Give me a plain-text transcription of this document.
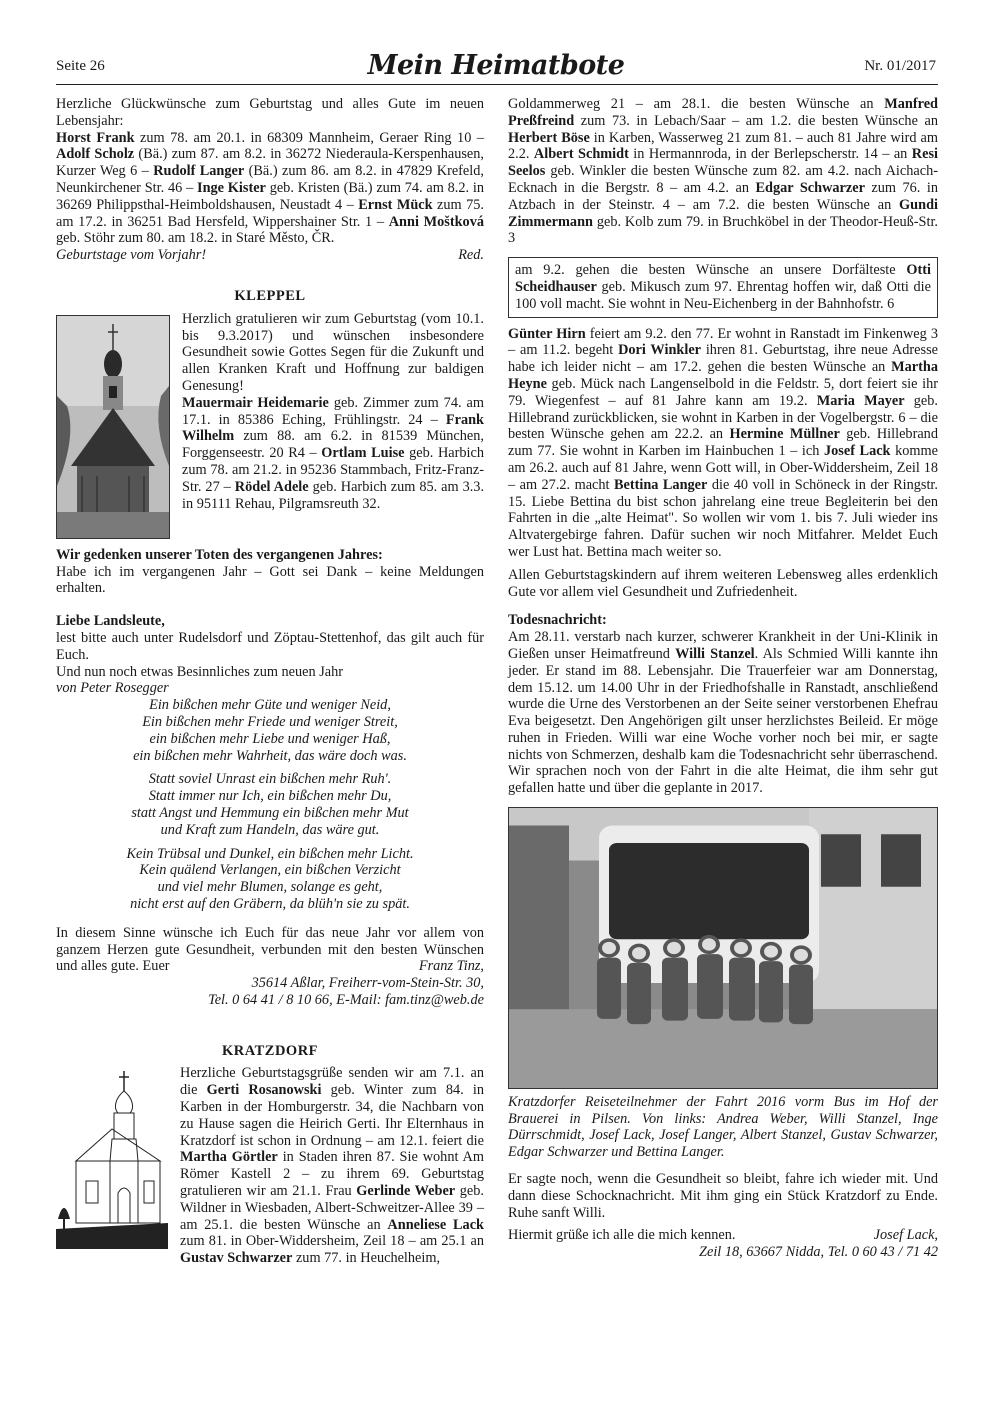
Seite 26	Mein Heimatbote	Nr. 01/2017

Herzliche Glückwünsche zum Geburtstag und alles Gute im neuen Lebensjahr:

Horst Frank zum 78. am 20.1. in 68309 Mannheim, Geraer Ring 10 – Adolf Scholz (Bä.) zum 87. am 8.2. in 36272 Niederaula-Kerspenhausen, Kurzer Weg 6 – Rudolf Langer (Bä.) zum 86. am 8.2. in 47829 Krefeld, Neunkirchener Str. 46 – Inge Kister geb. Kristen (Bä.) zum 74. am 8.2. in 36269 Philippsthal-Heimboldshausen, Neustadt 4 – Ernst Mück zum 75. am 17.2. in 36251 Bad Hersfeld, Wippershainer Str. 1 – Anni Moštková geb. Stöhr zum 80. am 18.2. in Staré Město, ČR.

Geburtstage vom Vorjahr!	Red.
KLEPPEL

Herzlich gratulieren wir zum Geburtstag (vom 10.1. bis 9.3.2017) und wünschen insbesondere Gesundheit sowie Gottes Segen für die Zukunft und allen Kranken Kraft und Hoffnung zur baldigen Genesung!

Mauermair Heidemarie geb. Zimmer zum 74. am 17.1. in 85386 Eching, Frühlingstr. 24 – Frank Wilhelm zum 88. am 6.2. in 81539 München, Forggenseestr. 20 R4 – Ortlam Luise geb. Harbich zum 78. am 21.2. in 95236 Stammbach, Fritz-Franz-Str. 27 – Rödel Adele geb. Harbich zum 85. am 3.3. in 95111 Rehau, Pilgramsreuth 32.

Wir gedenken unserer Toten des vergangenen Jahres:

Habe ich im vergangenen Jahr – Gott sei Dank – keine Meldungen erhalten.

Liebe Landsleute,

lest bitte auch unter Rudelsdorf und Zöptau-Stettenhof, das gilt auch für Euch.

Und nun noch etwas Besinnliches zum neuen Jahr

von Peter Rosegger

Ein bißchen mehr Güte und weniger Neid,
Ein bißchen mehr Friede und weniger Streit,
ein bißchen mehr Liebe und weniger Haß,
ein bißchen mehr Wahrheit, das wäre doch was.
Statt soviel Unrast ein bißchen mehr Ruh'.
Statt immer nur Ich, ein bißchen mehr Du,
statt Angst und Hemmung ein bißchen mehr Mut
und Kraft zum Handeln, das wäre gut.
Kein Trübsal und Dunkel, ein bißchen mehr Licht.
Kein quälend Verlangen, ein bißchen Verzicht
und viel mehr Blumen, solange es geht,
nicht erst auf den Gräbern, da blüh'n sie zu spät.

In diesem Sinne wünsche ich Euch für das neue Jahr vor allem von ganzem Herzen gute Gesundheit, verbunden mit den besten Wünschen und alles gute. Euer	Franz Tinz,

35614 Aßlar, Freiherr-vom-Stein-Str. 30,

Tel. 0 64 41 / 8 10 66, E-Mail: fam.tinz@web.de

KRATZDORF

Herzliche Geburtstagsgrüße senden wir am 7.1. an die Gerti Rosanowski geb. Winter zum 84. in Karben in der Homburgerstr. 34, die Nachbarn von zu Hause sagen die Heirich Gerti. Ihr Elternhaus in Kratzdorf ist schon in Ordnung – am 12.1. feiert die Martha Görtler in Staden ihren 87. Sie wohnt Am Römer Kastell 2 – zu ihrem 69. Geburtstag gratulieren wir am 21.1. Frau Gerlinde Weber geb. Wildner in Wiesbaden, Albert-Schweitzer-Allee 39 – am 25.1. die besten Wünsche an Anneliese Lack zum 81. in Ober-Widdersheim, Zeil 18 – am 25.1 an Gustav Schwarzer zum 77. in Heuchelheim,

Goldammerweg 21 – am 28.1. die besten Wünsche an Manfred Preßfreind zum 73. in Lebach/Saar – am 1.2. die besten Wünsche an Herbert Böse in Karben, Wasserweg 21 zum 81. – auch 81 Jahre wird am 2.2. Albert Schmidt in Hermannroda, in der Berlepscherstr. 14 – an Resi Seelos geb. Winkler die besten Wünsche zum 82. am 4.2. nach Aichach-Ecknach in die Bergstr. 8 – am 4.2. an Edgar Schwarzer zum 76. in Atzbach in der Steinstr. 4 – am 7.2. die besten Wünsche an Gundi Zimmermann geb. Kolb zum 79. in Bruchköbel in der Theodor-Heuß-Str. 3

am 9.2. gehen die besten Wünsche an unsere Dorfälteste Otti Scheidhauser geb. Mikusch zum 97. Ehrentag hoffen wir, daß Otti die 100 voll macht. Sie wohnt in Neu-Eichenberg in der Bahnhofstr. 6

Günter Hirn feiert am 9.2. den 77. Er wohnt in Ranstadt im Finkenweg 3 – am 11.2. begeht Dori Winkler ihren 81. Geburtstag, ihre neue Adresse habe ich leider nicht – am 17.2. gehen die besten Wünsche an Martha Heyne geb. Mück nach Langenselbold in die Feldstr. 5, dort feiert sie ihr 79. Wiegenfest – auf 81 Jahre kann am 19.2. Maria Mayer geb. Hillebrand zurückblicken, sie wohnt in Karben in der Vogelbergstr. 6 – die besten Wünsche gehen am 22.2. an Hermine Müllner geb. Hillebrand zum 77. Sie wohnt in Karben im Hainbuchen 1 – ich Josef Lack komme am 26.2. auch auf 81 Jahre, wenn Gott will, in Ober-Widdersheim, Zeil 18 – am 27.2. macht Bettina Langer die 40 voll in Schöneck in der Ringstr. 15. Liebe Bettina du bist schon jahrelang eine treue Begleiterin bei den Fahrten in die „alte Heimat". So wollen wir vom 1. bis 7. Juli wieder ins Altvatergebirge fahren. Dafür suchen wir noch Mitfahrer. Meldet Euch wer Lust hat. Bettina mach weiter so.

Allen Geburtstagskindern auf ihrem weiteren Lebensweg alles erdenklich Gute vor allem viel Gesundheit und Zufriedenheit.

Todesnachricht:

Am 28.11. verstarb nach kurzer, schwerer Krankheit in der Uni-Klinik in Gießen unser Heimatfreund Willi Stanzel. Als Schmied Willi kannte ihn jeder. Er stand im 88. Lebensjahr. Die Trauerfeier war am Donnerstag, dem 15.12. um 14.00 Uhr in der Friedhofshalle in Ranstadt, anschließend wurde die Urne des Verstorbenen an der Seite seiner verstorbenen Ehefrau Eva beigesetzt. Den Angehörigen gilt unser herzlichstes Beileid. Er möge ruhen in Frieden. Willi war eine Woche vorher noch bei mir, er sagte nichts von Schmerzen, deshalb kam die Todesnachricht sehr überraschend. Wir sprachen noch von der Fahrt in die alte Heimat, die ihm sehr gut gefallen hatte und über die geplante in 2017.

Kratzdorfer Reiseteilnehmer der Fahrt 2016 vorm Bus im Hof der Brauerei in Pilsen. Von links: Andrea Weber, Willi Stanzel, Inge Dürrschmidt, Josef Lack, Josef Langer, Albert Stanzel, Gustav Schwarzer, Edgar Schwarzer und Bettina Langer.

Er sagte noch, wenn die Gesundheit so bleibt, fahre ich wieder mit. Und dann diese Schocknachricht. Mit ihm ging ein Stück Kratzdorf zu Ende. Ruhe sanft Willi.

Hiermit grüße ich alle die mich kennen.	Josef Lack,

Zeil 18, 63667 Nidda, Tel. 0 60 43 / 71 42
